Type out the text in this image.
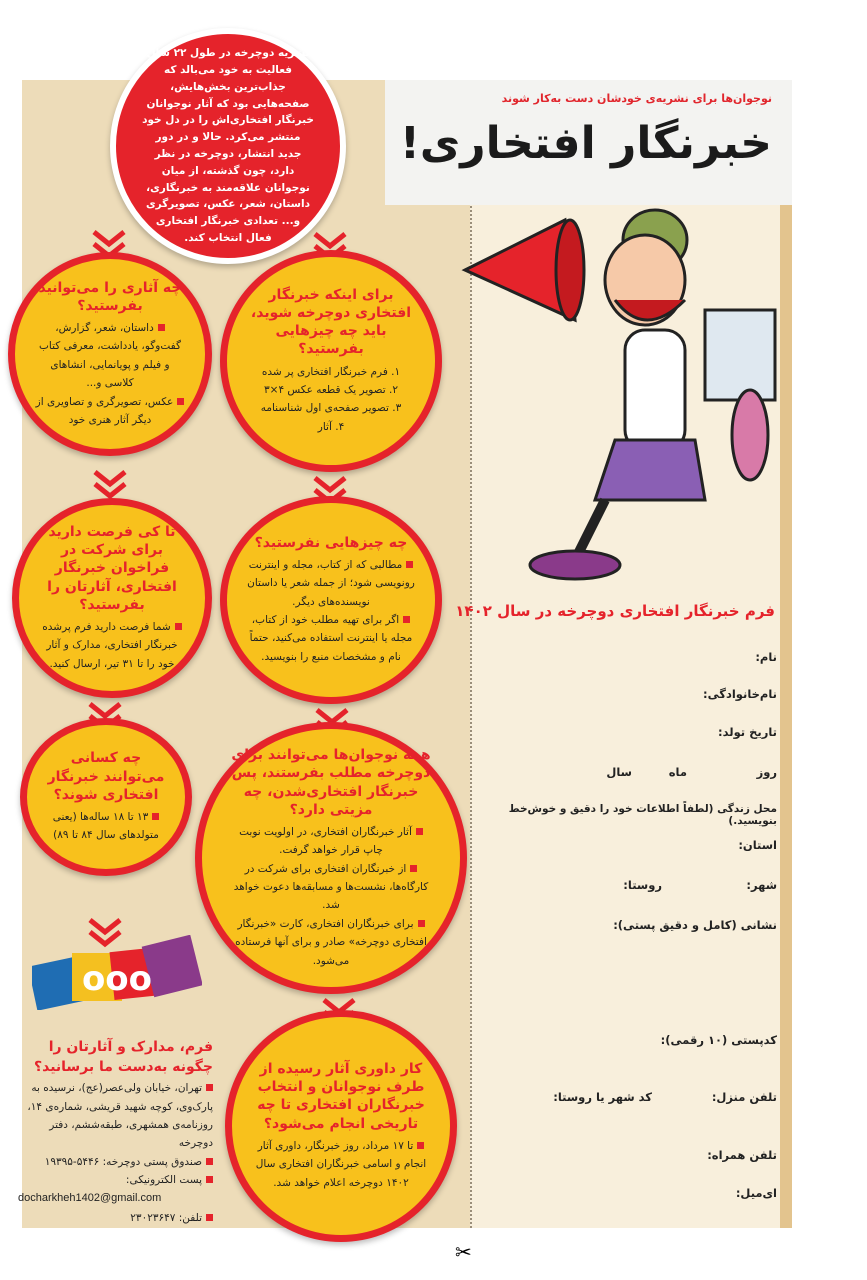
نوجوان‌ها برای نشریه‌ی خودشان دست به‌کار شوند
خبرنگار افتخاری!

نشریه دوچرخه در طول ۲۲ سال فعالیت به خود می‌بالد که جذاب‌ترین بخش‌هایش، صفحه‌هایی بود که آثار نوجوانان خبرنگار افتخاری‌اش را در دل خود منتشر می‌کرد. حالا و در دور جدید انتشار، دوچرخه در نظر دارد، چون گذشته، از میان نوجوانان علاقه‌مند به خبرنگاری، داستان، شعر، عکس، تصویرگری و... تعدادی خبرنگار افتخاری فعال انتخاب کند.

چه آثاری را می‌توانید بفرستید؟

داستان، شعر، گزارش، گفت‌وگو، یادداشت، معرفی کتاب و فیلم و پویانمایی، انشاهای کلاسی و...

عکس، تصویرگری و تصاویری از دیگر آثار هنری خود

برای اینکه خبرنگار افتخاری دوچرخه شوید، باید چه چیزهایی بفرستید؟

۱. فرم خبرنگار افتخاری پر شده

۲. تصویر یک قطعه عکس ۴×۳

۳. تصویر صفحه‌ی اول شناسنامه

۴. آثار

تا کی فرصت دارید برای شرکت در فراخوان خبرنگار افتخاری، آثارتان را بفرستید؟

شما فرصت دارید فرم پرشده خبرنگار افتخاری، مدارک و آثار خود را تا ۳۱ تیر، ارسال کنید.

چه چیزهایی نفرستید؟

مطالبی که از کتاب، مجله و اینترنت رونویسی شود؛ از جمله شعر یا داستان نویسنده‌های دیگر.

اگر برای تهیه مطلب خود از کتاب، مجله یا اینترنت استفاده می‌کنید، حتماً نام و مشخصات منبع را بنویسید.

چه کسانی می‌توانند خبرنگار افتخاری شوند؟

۱۳ تا ۱۸ ساله‌ها (یعنی متولدهای سال ۸۴ تا ۸۹)

همه نوجوان‌ها می‌توانند برای دوچرخه مطلب بفرستند، پس خبرنگار افتخاری‌شدن، چه مزیتی دارد؟

آثار خبرنگاران افتخاری، در اولویت نوبت چاپ قرار خواهد گرفت.

از خبرنگاران افتخاری برای شرکت در کارگاه‌ها، نشست‌ها و مسابقه‌ها دعوت خواهد شد.

برای خبرنگاران افتخاری، کارت «خبرنگار افتخاری دوچرخه» صادر و برای آنها فرستاده می‌شود.

ooo
فرم، مدارک و آثارتان را چگونه به‌دست ما برسانید؟

تهران، خیابان ولی‌عصر(عج)، نرسیده به پارک‌وی، کوچه شهید قریشی، شماره‌ی ۱۴، روزنامه‌ی همشهری، طبقه‌ششم، دفتر دوچرخه

صندوق پستی دوچرخه: ۵۴۴۶-۱۹۳۹۵

پست الکترونیکی:

docharkheh1402@gmail.com

تلفن: ۲۳۰۲۳۶۴۷

کار داوری آثار رسیده از طرف نوجوانان و انتخاب خبرنگاران افتخاری تا چه تاریخی انجام می‌شود؟

تا ۱۷ مرداد، روز خبرنگار، داوری آثار انجام و اسامی خبرنگاران افتخاری سال ۱۴۰۲ دوچرخه اعلام خواهد شد.

فرم خبرنگار افتخاری دوچرخه در سال ۱۴۰۲
نام:
نام‌خانوادگی:
تاریخ تولد:
روز
ماه
سال
محل زندگی (لطفاً اطلاعات خود را دقیق و خوش‌خط بنویسید.)
استان:
شهر:
روستا:
نشانی (کامل و دقیق پستی):
کدپستی (۱۰ رقمی):
تلفن منزل:
کد شهر یا روستا:
تلفن همراه:
ای‌میل:
✂
